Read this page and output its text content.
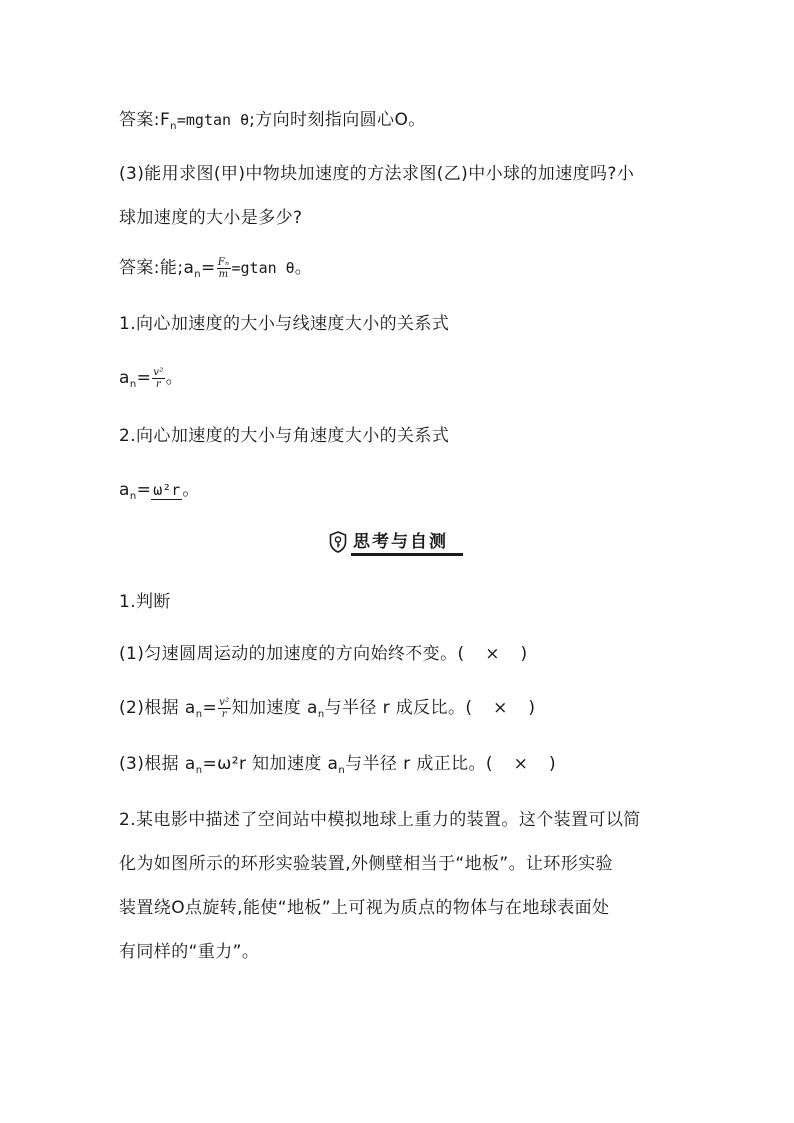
答案$:F_n=mgtan$ θ;方向时刻指向圆心O。
(3)能用求图(甲)中物块加速度的方法求图(乙)中小球的加速度吗?小
球加速度的大小是多少?
答案:能$;a_n= \frac{\text{Fₙ}}{m} =gtan$ θ。
1.向心加速度的大小与线速度大小的关系式
$a_n= \frac{\text{v²}}{r}$ 。
2.向心加速度的大小与角速度大小的关系式
$a_n= \omega^2r$ 。
思考与自测
1.判断
(1)匀速圆周运动的加速度的方向始终不变。( × )
(2)根据 $a_n= \frac{\text{v²}}{r}$ 知加速度 $a_n$与半径 r 成反比。( × )
(3)根据 $a_n=\omega^2r$ 知加速度 $a_n$与半径 r 成正比。( × )
2.某电影中描述了空间站中模拟地球上重力的装置。这个装置可以简
化为如图所示的环形实验装置,外侧壁相当于“地板”。让环形实验
装置绕O点旋转,能使“地板”上可视为质点的物体与在地球表面处
有同样的“重力”。
